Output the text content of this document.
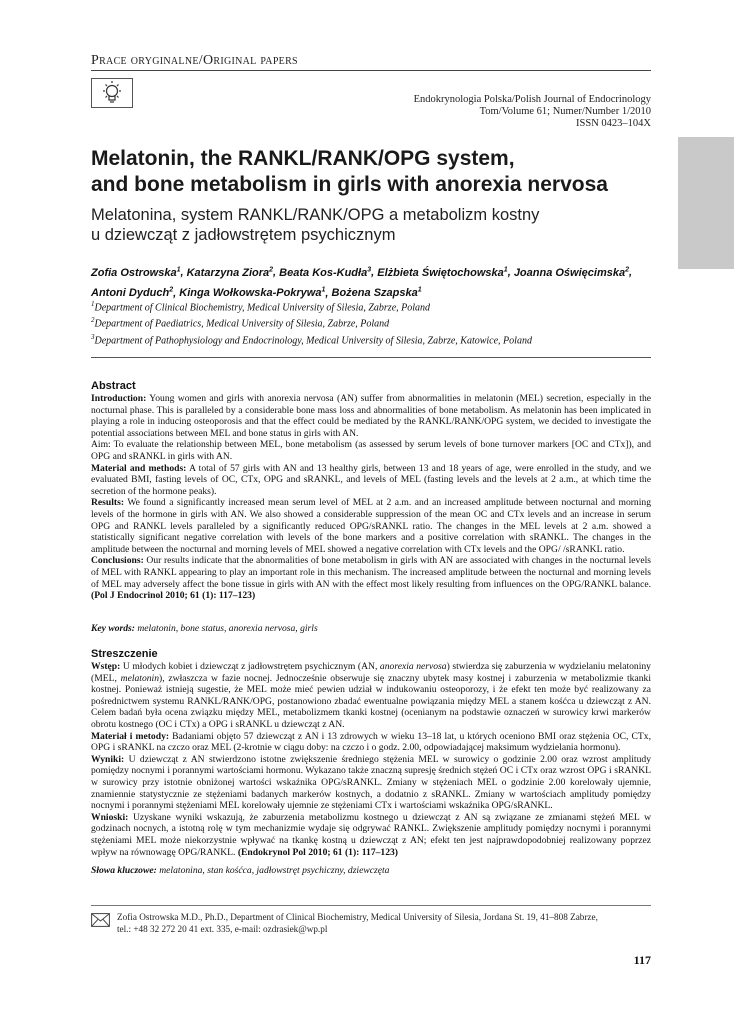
Prace oryginalne/Original papers
Endokrynologia Polska/Polish Journal of Endocrinology
Tom/Volume 61; Numer/Number 1/2010
ISSN 0423–104X
Melatonin, the RANKL/RANK/OPG system,
and bone metabolism in girls with anorexia nervosa
Melatonina, system RANKL/RANK/OPG a metabolizm kostny
u dziewcząt z jadłowstrętem psychicznym
Zofia Ostrowska$^1$, Katarzyna Ziora$^2$, Beata Kos-Kudła$^3$, Elżbieta Świętochowska$^1$, Joanna Oświęcimska$^2$,
Antoni Dyduch$^2$, Kinga Wołkowska-Pokrywa$^1$, Bożena Szapska$^1$
$^1$Department of Clinical Biochemistry, Medical University of Silesia, Zabrze, Poland
$^2$Department of Paediatrics, Medical University of Silesia, Zabrze, Poland
$^3$Department of Pathophysiology and Endocrinology, Medical University of Silesia, Zabrze, Katowice, Poland
Abstract

Introduction: Young women and girls with anorexia nervosa (AN) suffer from abnormalities in melatonin (MEL) secretion, especially in the nocturnal phase. This is paralleled by a considerable bone mass loss and abnormalities of bone metabolism. As melatonin has been implicated in playing a role in inducing osteoporosis and that the effect could be mediated by the RANKL/RANK/OPG system, we decided to investigate the potential associations between MEL and bone status in girls with AN.

Aim: To evaluate the relationship between MEL, bone metabolism (as assessed by serum levels of bone turnover markers [OC and CTx]), and OPG and sRANKL in girls with AN.

Material and methods: A total of 57 girls with AN and 13 healthy girls, between 13 and 18 years of age, were enrolled in the study, and we evaluated BMI, fasting levels of OC, CTx, OPG and sRANKL, and levels of MEL (fasting levels and the levels at 2 a.m., at which time the secretion of the hormone peaks).

Results: We found a significantly increased mean serum level of MEL at 2 a.m. and an increased amplitude between nocturnal and morning levels of the hormone in girls with AN. We also showed a considerable suppression of the mean OC and CTx levels and an increase in serum OPG and RANKL levels paralleled by a significantly reduced OPG/sRANKL ratio. The changes in the MEL levels at 2 a.m. showed a statistically significant negative correlation with levels of the bone markers and a positive correlation with sRANKL. The changes in the amplitude between the nocturnal and morning levels of MEL showed a negative correlation with CTx levels and the OPG/ /sRANKL ratio.

Conclusions: Our results indicate that the abnormalities of bone metabolism in girls with AN are associated with changes in the nocturnal levels of MEL with RANKL appearing to play an important role in this mechanism. The increased amplitude between the nocturnal and morning levels of MEL may adversely affect the bone tissue in girls with AN with the effect most likely resulting from influences on the OPG/RANKL balance. (Pol J Endocrinol 2010; 61 (1): 117–123)

Key words: melatonin, bone status, anorexia nervosa, girls
Streszczenie

Wstęp: U młodych kobiet i dziewcząt z jadłowstrętem psychicznym (AN, anorexia nervosa) stwierdza się zaburzenia w wydzielaniu melatoniny (MEL, melatonin), zwłaszcza w fazie nocnej. Jednocześnie obserwuje się znaczny ubytek masy kostnej i zaburzenia w metabolizmie tkanki kostnej. Ponieważ istnieją sugestie, że MEL może mieć pewien udział w indukowaniu osteoporozy, i że efekt ten może być realizowany za pośrednictwem systemu RANKL/RANK/OPG, postanowiono zbadać ewentualne powiązania między MEL a stanem kośćca u dziewcząt z AN. Celem badań była ocena związku między MEL, metabolizmem tkanki kostnej (ocenianym na podstawie oznaczeń w surowicy krwi markerów obrotu kostnego (OC i CTx) a OPG i sRANKL u dziewcząt z AN.

Materiał i metody: Badaniami objęto 57 dziewcząt z AN i 13 zdrowych w wieku 13–18 lat, u których oceniono BMI oraz stężenia OC, CTx, OPG i sRANKL na czczo oraz MEL (2-krotnie w ciągu doby: na czczo i o godz. 2.00, odpowiadającej maksimum wydzielania hormonu).

Wyniki: U dziewcząt z AN stwierdzono istotne zwiększenie średniego stężenia MEL w surowicy o godzinie 2.00 oraz wzrost amplitudy pomiędzy nocnymi i porannymi wartościami hormonu. Wykazano także znaczną supresję średnich stężeń OC i CTx oraz wzrost OPG i sRANKL w surowicy przy istotnie obniżonej wartości wskaźnika OPG/sRANKL. Zmiany w stężeniach MEL o godzinie 2.00 korelowały ujemnie, znamiennie statystycznie ze stężeniami badanych markerów kostnych, a dodatnio z sRANKL. Zmiany w wartościach amplitudy pomiędzy nocnymi i porannymi stężeniami MEL korelowały ujemnie ze stężeniami CTx i wartościami wskaźnika OPG/sRANKL.

Wnioski: Uzyskane wyniki wskazują, że zaburzenia metabolizmu kostnego u dziewcząt z AN są związane ze zmianami stężeń MEL w godzinach nocnych, a istotną rolę w tym mechanizmie wydaje się odgrywać RANKL. Zwiększenie amplitudy pomiędzy nocnymi i porannymi stężeniami MEL może niekorzystnie wpływać na tkankę kostną u dziewcząt z AN; efekt ten jest najprawdopodobniej realizowany poprzez wpływ na równowagę OPG/RANKL. (Endokrynol Pol 2010; 61 (1): 117–123)

Słowa kluczowe: melatonina, stan kośćca, jadłowstręt psychiczny, dziewczęta
Zofia Ostrowska M.D., Ph.D., Department of Clinical Biochemistry, Medical University of Silesia, Jordana St. 19, 41–808 Zabrze,
tel.: +48 32 272 20 41 ext. 335, e-mail: ozdrasiek@wp.pl
117
